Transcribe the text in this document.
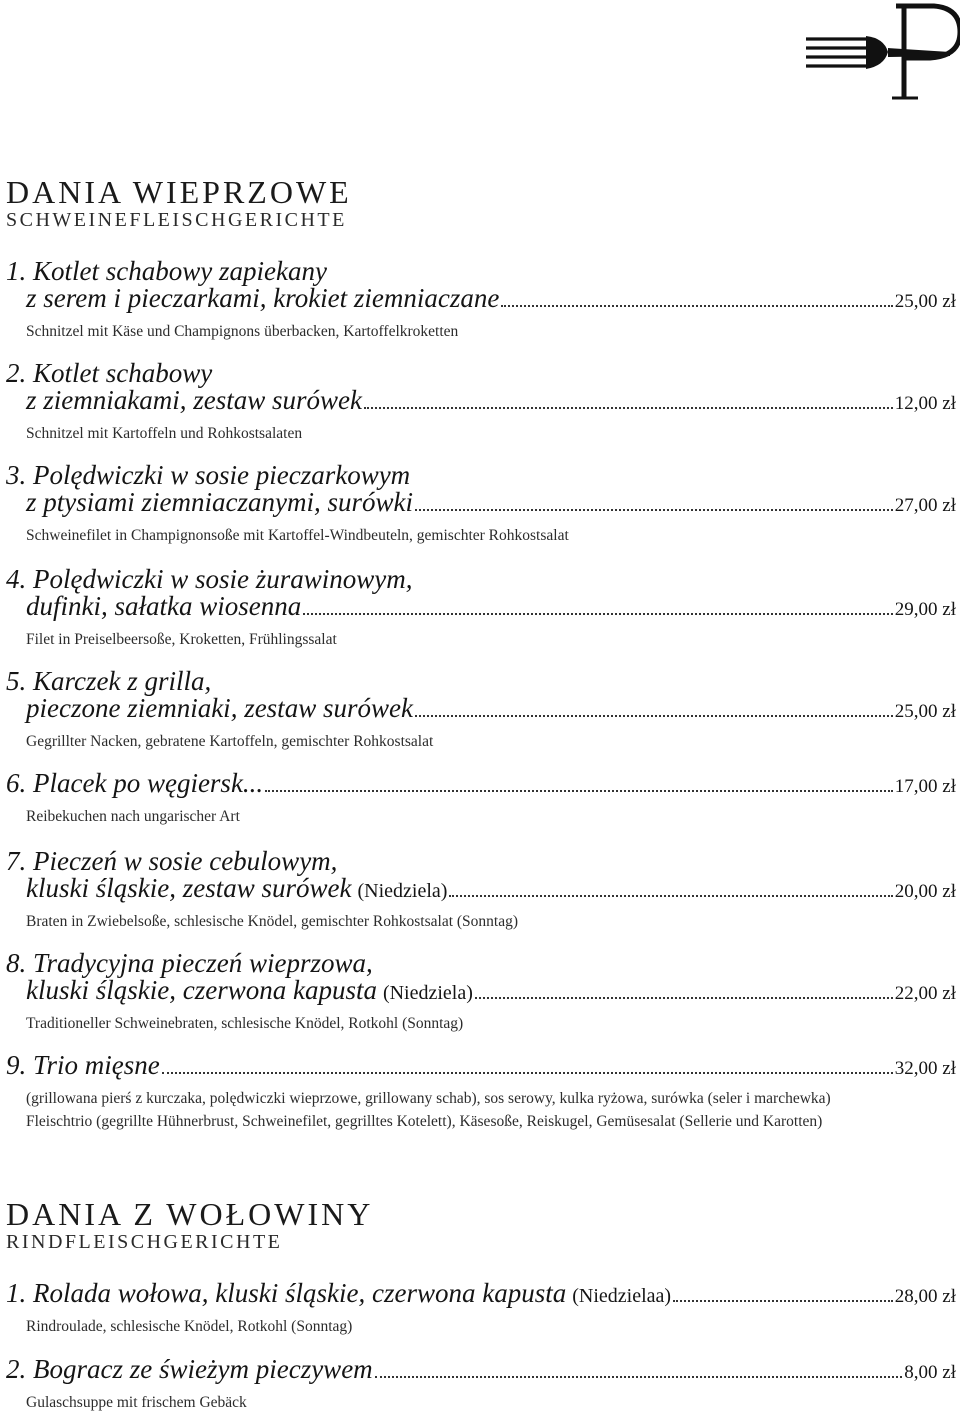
DANIA WIEPRZOWE
SCHWEINEFLEISCHGERICHTE
1. Kotlet schabowy zapiekany
z serem i pieczarkami, krokiet ziemniaczane	25,00 zł
Schnitzel mit Käse und Champignons überbacken, Kartoffelkroketten
2. Kotlet schabowy
z ziemniakami, zestaw surówek	12,00 zł
Schnitzel mit Kartoffeln und Rohkostsalaten
3. Polędwiczki w sosie pieczarkowym
z ptysiami ziemniaczanymi, surówki	27,00 zł
Schweinefilet in Champignonsoße mit Kartoffel-Windbeuteln, gemischter Rohkostsalat
4. Polędwiczki w sosie żurawinowym,
dufinki, sałatka wiosenna	29,00 zł
Filet in Preiselbeersoße, Kroketten, Frühlingssalat
5. Karczek z grilla,
pieczone ziemniaki, zestaw surówek	25,00 zł
Gegrillter Nacken, gebratene Kartoffeln, gemischter Rohkostsalat
6. Placek po węgiersk...	17,00 zł
Reibekuchen nach ungarischer Art
7. Pieczeń w sosie cebulowym,
kluski śląskie, zestaw surówek (Niedziela)	20,00 zł
Braten in Zwiebelsoße, schlesische Knödel, gemischter Rohkostsalat (Sonntag)
8. Tradycyjna pieczeń wieprzowa,
kluski śląskie, czerwona kapusta (Niedziela)	22,00 zł
Traditioneller Schweinebraten, schlesische Knödel, Rotkohl (Sonntag)
9. Trio mięsne	32,00 zł
(grillowana pierś z kurczaka, polędwiczki wieprzowe, grillowany schab), sos serowy, kulka ryżowa, surówka (seler i marchewka)
Fleischtrio (gegrillte Hühnerbrust, Schweinefilet, gegrilltes Kotelett), Käsesoße, Reiskugel, Gemüsesalat (Sellerie und Karotten)
DANIA Z WOŁOWINY
RINDFLEISCHGERICHTE
1. Rolada wołowa, kluski śląskie, czerwona kapusta (Niedzielaa)	28,00 zł
Rindroulade, schlesische Knödel, Rotkohl (Sonntag)
2. Bogracz ze świeżym pieczywem	8,00 zł
Gulaschsuppe mit frischem Gebäck
